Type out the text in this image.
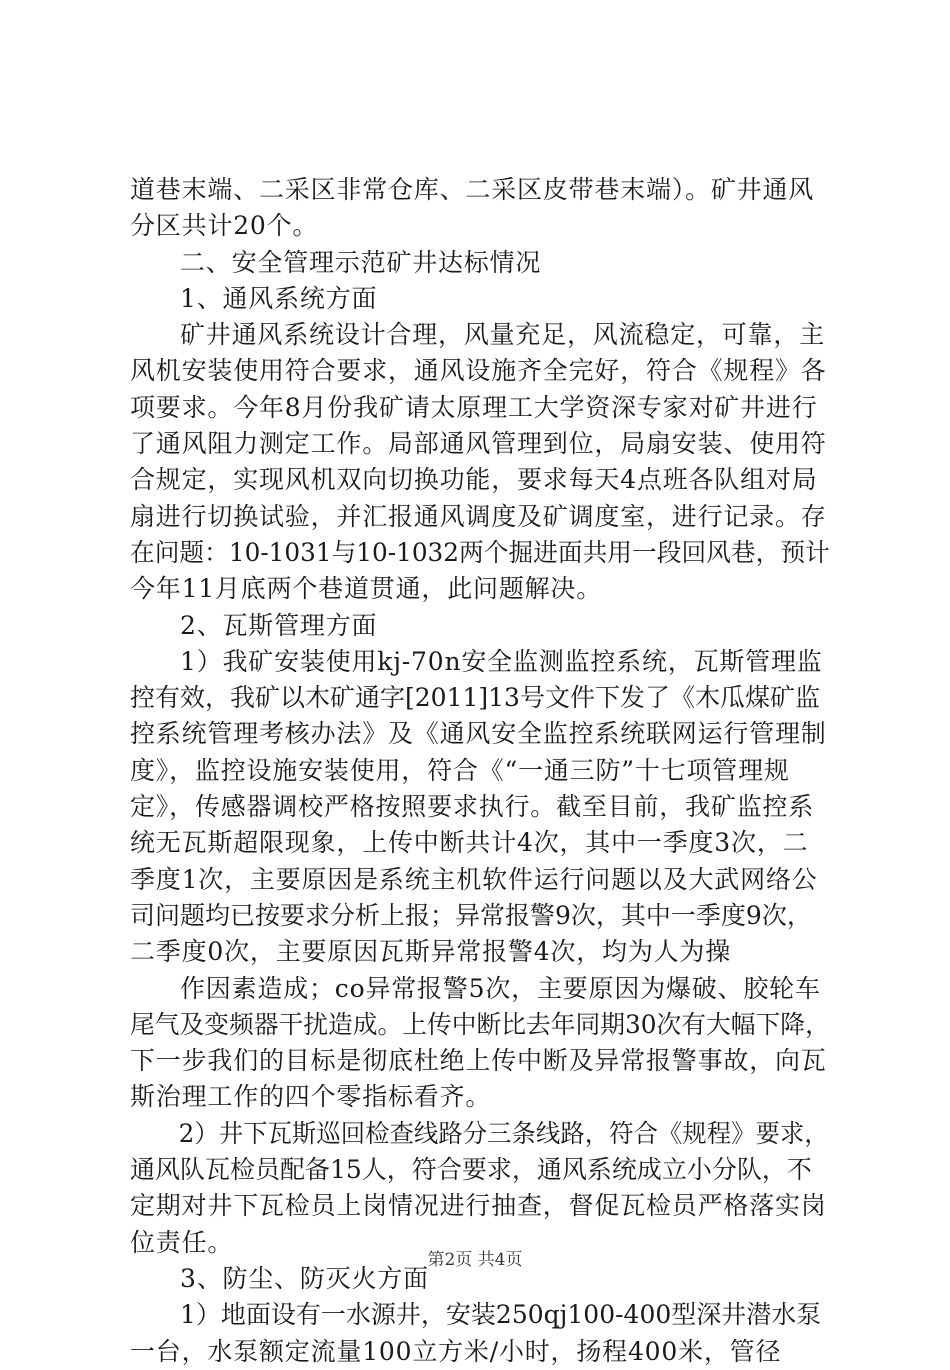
道巷末端、二采区非常仓库、二采区皮带巷末端）。矿井通风
分区共计20个。
二、安全管理示范矿井达标情况
1、通风系统方面
矿井通风系统设计合理，风量充足，风流稳定，可靠，主
风机安装使用符合要求，通风设施齐全完好，符合《规程》各
项要求。今年8月份我矿请太原理工大学资深专家对矿井进行
了通风阻力测定工作。局部通风管理到位，局扇安装、使用符
合规定，实现风机双向切换功能，要求每天4点班各队组对局
扇进行切换试验，并汇报通风调度及矿调度室，进行记录。存
在问题：10-1031与10-1032两个掘进面共用一段回风巷，预计
今年11月底两个巷道贯通，此问题解决。
2、瓦斯管理方面
1）我矿安装使用kj-70n安全监测监控系统，瓦斯管理监
控有效，我矿以木矿通字[2011]13号文件下发了《木瓜煤矿监
控系统管理考核办法》及《通风安全监控系统联网运行管理制
度》，监控设施安装使用，符合《“一通三防”十七项管理规
定》，传感器调校严格按照要求执行。截至目前，我矿监控系
统无瓦斯超限现象，上传中断共计4次，其中一季度3次，二
季度1次，主要原因是系统主机软件运行问题以及大武网络公
司问题均已按要求分析上报；异常报警9次，其中一季度9次，
二季度0次，主要原因瓦斯异常报警4次，均为人为操
作因素造成；co异常报警5次，主要原因为爆破、胶轮车
尾气及变频器干扰造成。上传中断比去年同期30次有大幅下降，
下一步我们的目标是彻底杜绝上传中断及异常报警事故，向瓦
斯治理工作的四个零指标看齐。
2）井下瓦斯巡回检查线路分三条线路，符合《规程》要求，
通风队瓦检员配备15人，符合要求，通风系统成立小分队，不
定期对井下瓦检员上岗情况进行抽查，督促瓦检员严格落实岗
位责任。
3、防尘、防灭火方面
1）地面设有一水源井，安装250qj100-400型深井潜水泵
一台，水泵额定流量100立方米/小时，扬程400米，管径
第2页 共4页
